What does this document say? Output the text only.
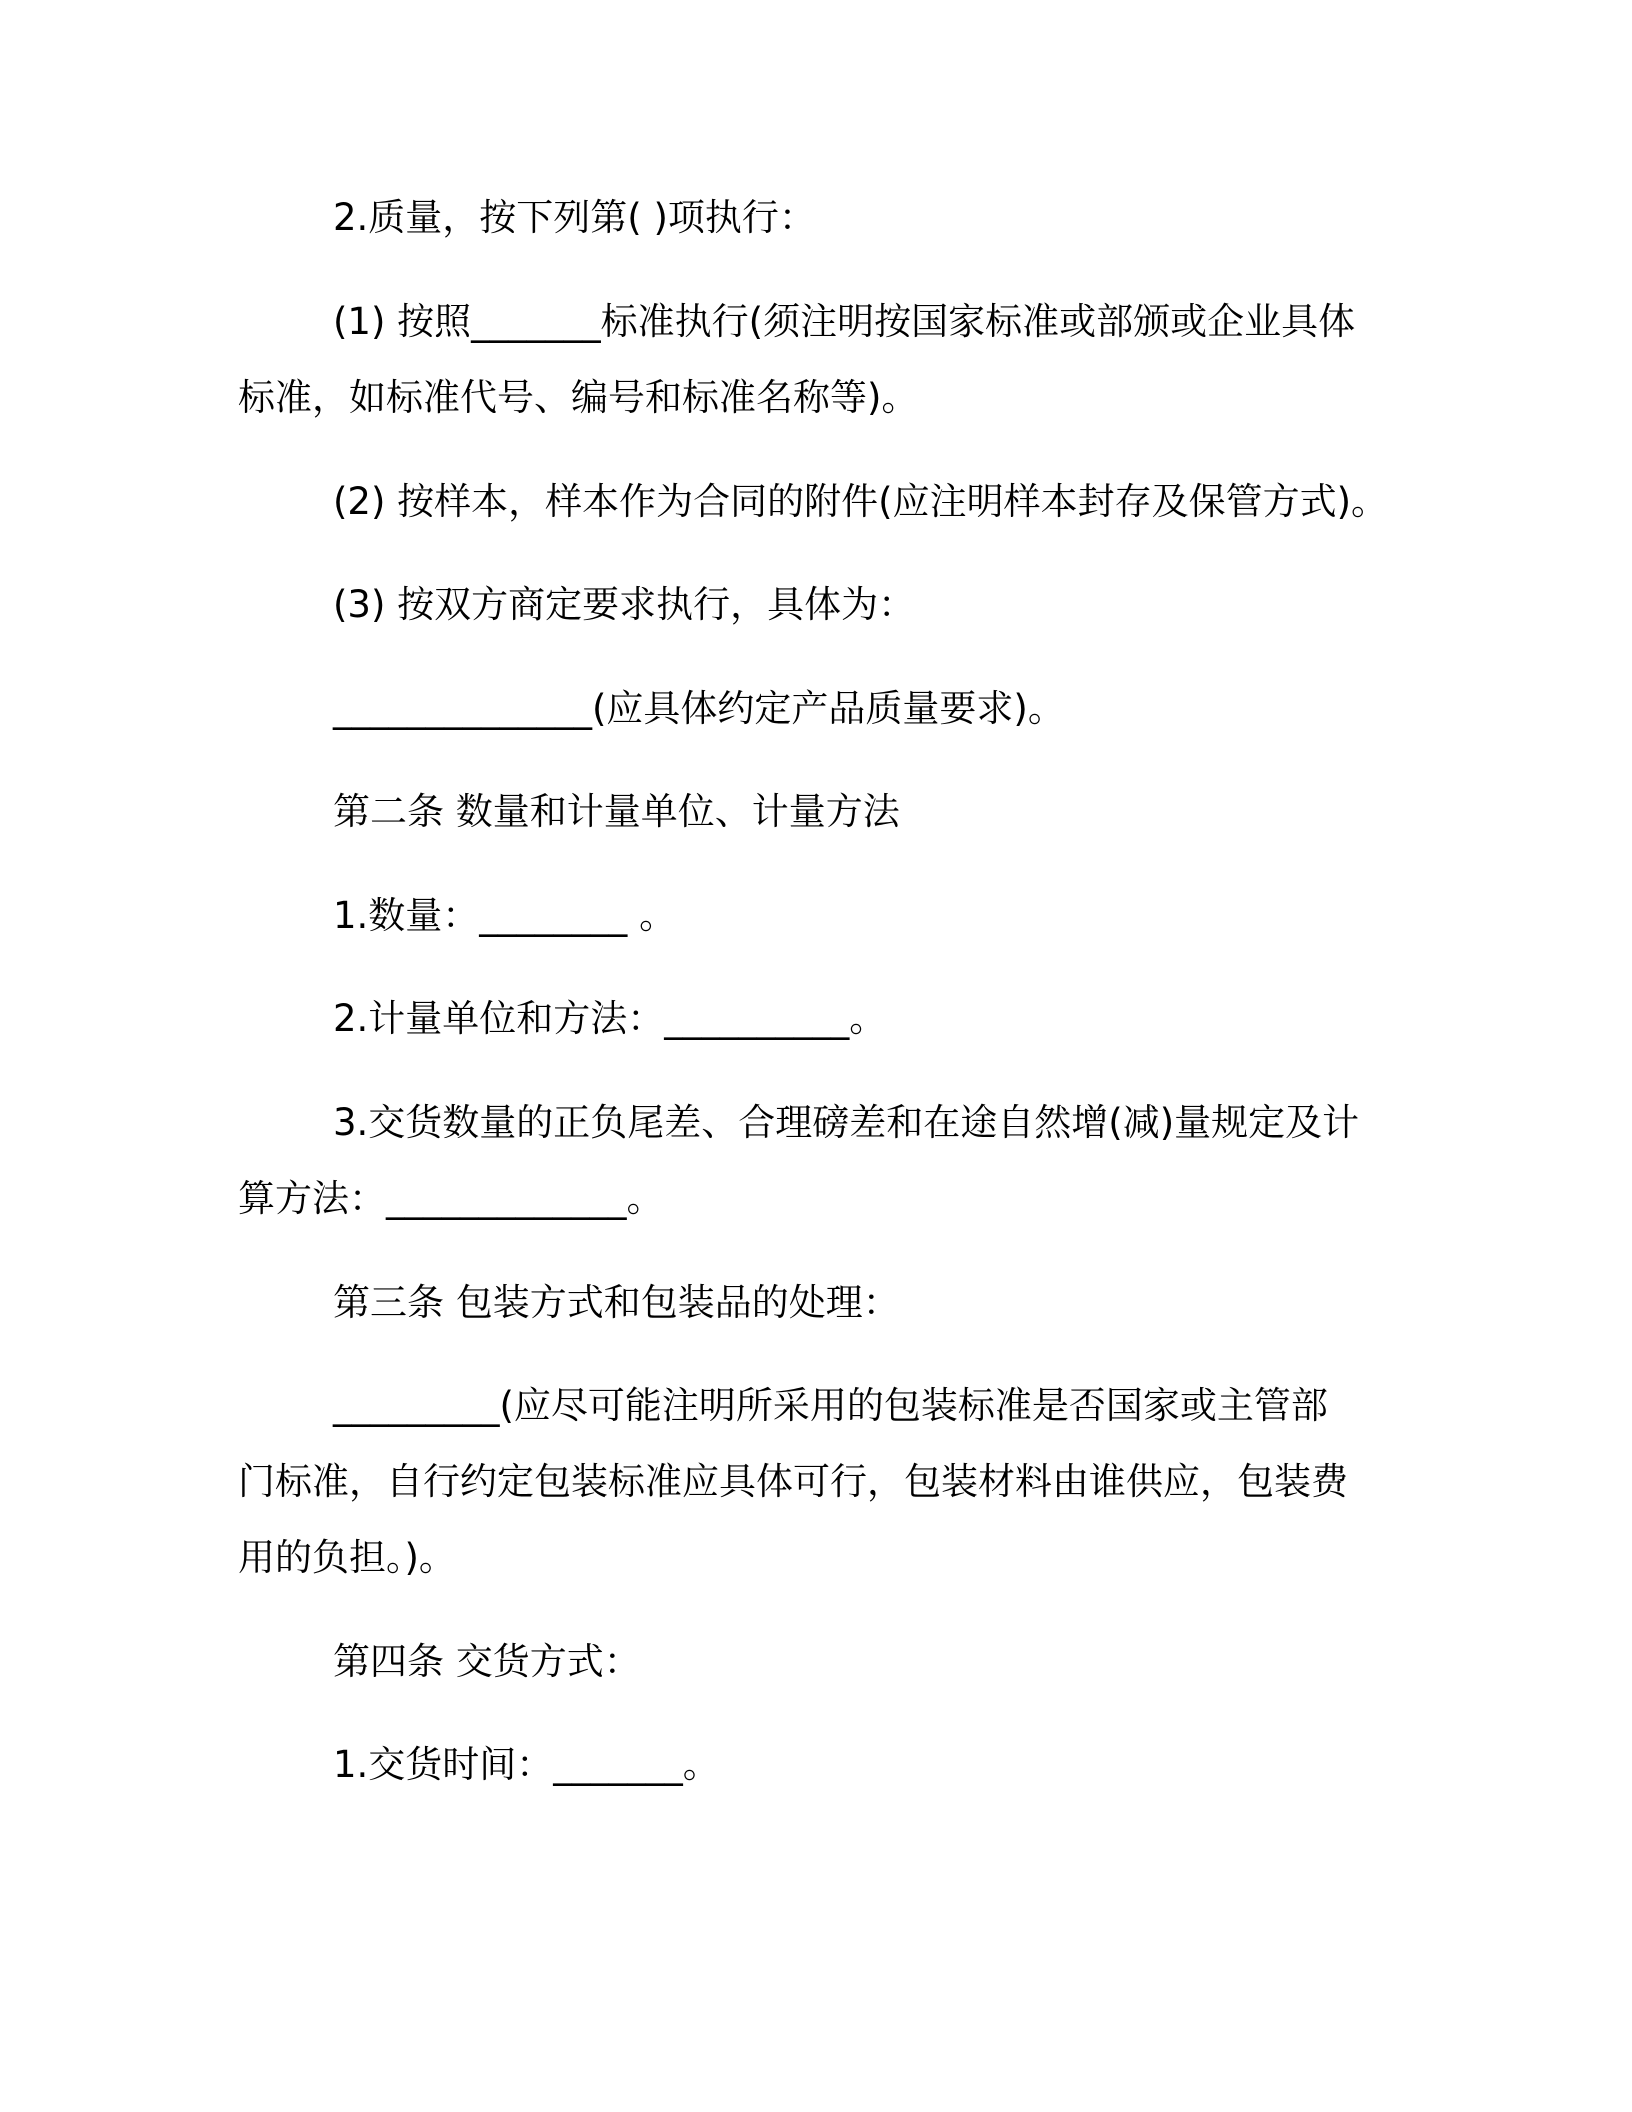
2.质量，按下列第( )项执行：

(1) 按照_______标准执行(须注明按国家标准或部颁或企业具体

标准，如标准代号、编号和标准名称等)。

(2) 按样本，样本作为合同的附件(应注明样本封存及保管方式)。

(3) 按双方商定要求执行，具体为：

______________(应具体约定产品质量要求)。

第二条 数量和计量单位、计量方法

1.数量：________ 。

2.计量单位和方法：__________。

3.交货数量的正负尾差、合理磅差和在途自然增(减)量规定及计

算方法：_____________。

第三条 包装方式和包装品的处理：

_________(应尽可能注明所采用的包装标准是否国家或主管部

门标准，自行约定包装标准应具体可行，包装材料由谁供应，包装费

用的负担。)。

第四条 交货方式：

1.交货时间：_______。
